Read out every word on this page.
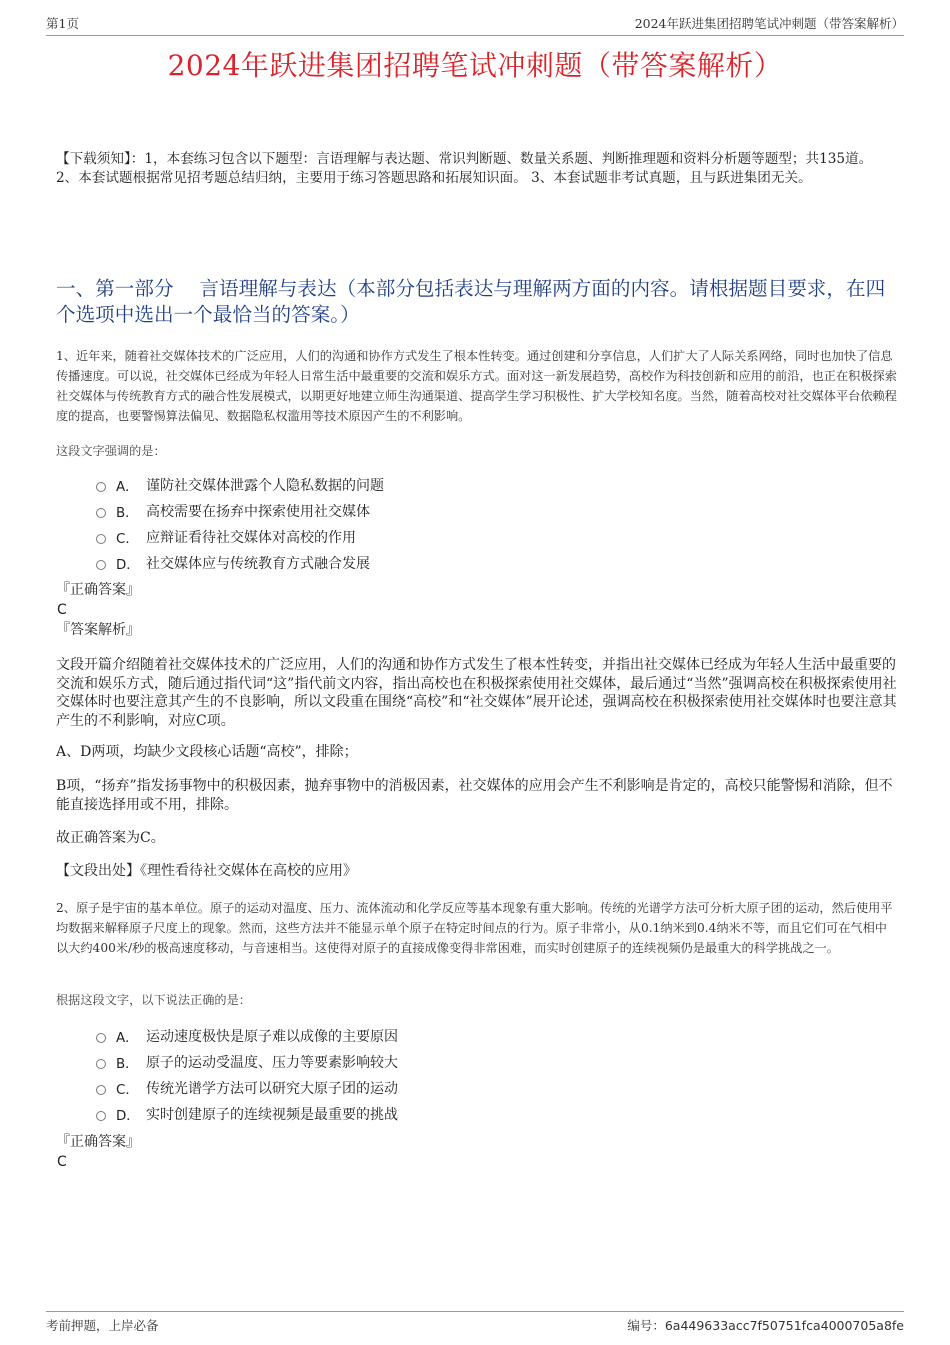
第1页	2024年跃进集团招聘笔试冲刺题（带答案解析）
2024年跃进集团招聘笔试冲刺题（带答案解析）
【下载须知】：1，本套练习包含以下题型：言语理解与表达题、常识判断题、数量关系题、判断推理题和资料分析题等题型；共135道。 2、本套试题根据常见招考题总结归纳，主要用于练习答题思路和拓展知识面。 3、本套试题非考试真题，且与跃进集团无关。
一、第一部分　 言语理解与表达（本部分包括表达与理解两方面的内容。请根据题目要求，在四个选项中选出一个最恰当的答案。）
1、近年来，随着社交媒体技术的广泛应用，人们的沟通和协作方式发生了根本性转变。通过创建和分享信息，人们扩大了人际关系网络，同时也加快了信息传播速度。可以说，社交媒体已经成为年轻人日常生活中最重要的交流和娱乐方式。面对这一新发展趋势，高校作为科技创新和应用的前沿，也正在积极探索社交媒体与传统教育方式的融合性发展模式，以期更好地建立师生沟通渠道、提高学生学习积极性、扩大学校知名度。当然，随着高校对社交媒体平台依赖程度的提高，也要警惕算法偏见、数据隐私权滥用等技术原因产生的不利影响。
这段文字强调的是：
A． 谨防社交媒体泄露个人隐私数据的问题
B． 高校需要在扬弃中探索使用社交媒体
C． 应辩证看待社交媒体对高校的作用
D． 社交媒体应与传统教育方式融合发展
『正确答案』
C
『答案解析』
文段开篇介绍随着社交媒体技术的广泛应用，人们的沟通和协作方式发生了根本性转变，并指出社交媒体已经成为年轻人生活中最重要的交流和娱乐方式，随后通过指代词“这”指代前文内容，指出高校也在积极探索使用社交媒体，最后通过“当然”强调高校在积极探索使用社交媒体时也要注意其产生的不良影响，所以文段重在围绕“高校”和“社交媒体”展开论述，强调高校在积极探索使用社交媒体时也要注意其产生的不利影响，对应C项。
A、D两项，均缺少文段核心话题“高校”，排除；
B项，“扬弃”指发扬事物中的积极因素，抛弃事物中的消极因素，社交媒体的应用会产生不利影响是肯定的，高校只能警惕和消除，但不能直接选择用或不用，排除。
故正确答案为C。
【文段出处】《理性看待社交媒体在高校的应用》
2、原子是宇宙的基本单位。原子的运动对温度、压力、流体流动和化学反应等基本现象有重大影响。传统的光谱学方法可分析大原子团的运动，然后使用平均数据来解释原子尺度上的现象。然而，这些方法并不能显示单个原子在特定时间点的行为。原子非常小，从0.1纳米到0.4纳米不等，而且它们可在气相中以大约400米/秒的极高速度移动，与音速相当。这使得对原子的直接成像变得非常困难，而实时创建原子的连续视频仍是最重大的科学挑战之一。
根据这段文字，以下说法正确的是：
A． 运动速度极快是原子难以成像的主要原因
B． 原子的运动受温度、压力等要素影响较大
C． 传统光谱学方法可以研究大原子团的运动
D． 实时创建原子的连续视频是最重要的挑战
『正确答案』
C
考前押题，上岸必备	编号：6a449633acc7f50751fca4000705a8fe
